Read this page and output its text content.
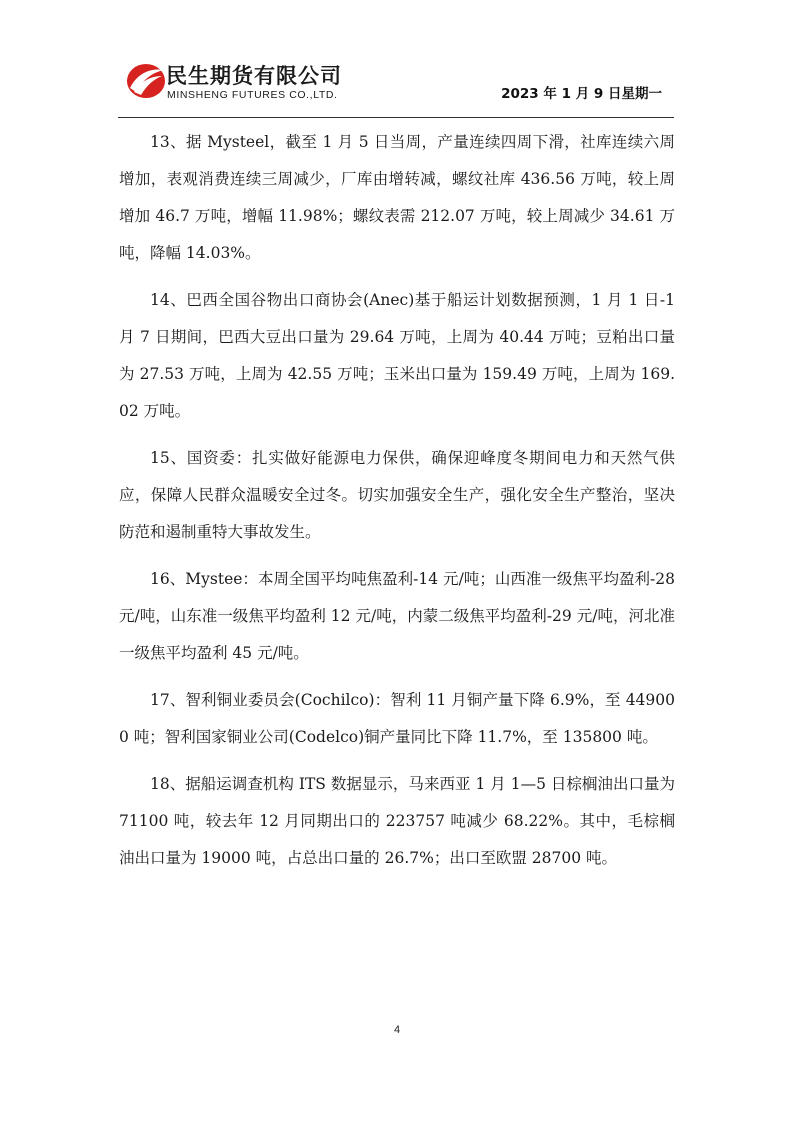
民生期货有限公司
MINSHENG FUTURES CO.,LTD.	2023 年 1 月 9 日星期一

13、据 Mysteel，截至 1 月 5 日当周，产量连续四周下滑，社库连续六周增加，表观消费连续三周减少，厂库由增转减，螺纹社库 436.56 万吨，较上周增加 46.7 万吨，增幅 11.98%；螺纹表需 212.07 万吨，较上周减少 34.61 万吨，降幅 14.03%。

14、巴西全国谷物出口商协会(Anec)基于船运计划数据预测，1 月 1 日-1 月 7 日期间，巴西大豆出口量为 29.64 万吨，上周为 40.44 万吨；豆粕出口量为 27.53 万吨，上周为 42.55 万吨；玉米出口量为 159.49 万吨，上周为 169.02 万吨。

15、国资委：扎实做好能源电力保供，确保迎峰度冬期间电力和天然气供应，保障人民群众温暖安全过冬。切实加强安全生产，强化安全生产整治，坚决防范和遏制重特大事故发生。

16、Mystee：本周全国平均吨焦盈利-14 元/吨；山西准一级焦平均盈利-28 元/吨，山东准一级焦平均盈利 12 元/吨，内蒙二级焦平均盈利-29 元/吨，河北准一级焦平均盈利 45 元/吨。

17、智利铜业委员会(Cochilco)：智利 11 月铜产量下降 6.9%，至 449000 吨；智利国家铜业公司(Codelco)铜产量同比下降 11.7%，至 135800 吨。

18、据船运调查机构 ITS 数据显示，马来西亚 1 月 1—5 日棕榈油出口量为 71100 吨，较去年 12 月同期出口的 223757 吨减少 68.22%。其中，毛棕榈油出口量为 19000 吨，占总出口量的 26.7%；出口至欧盟 28700 吨。

4
